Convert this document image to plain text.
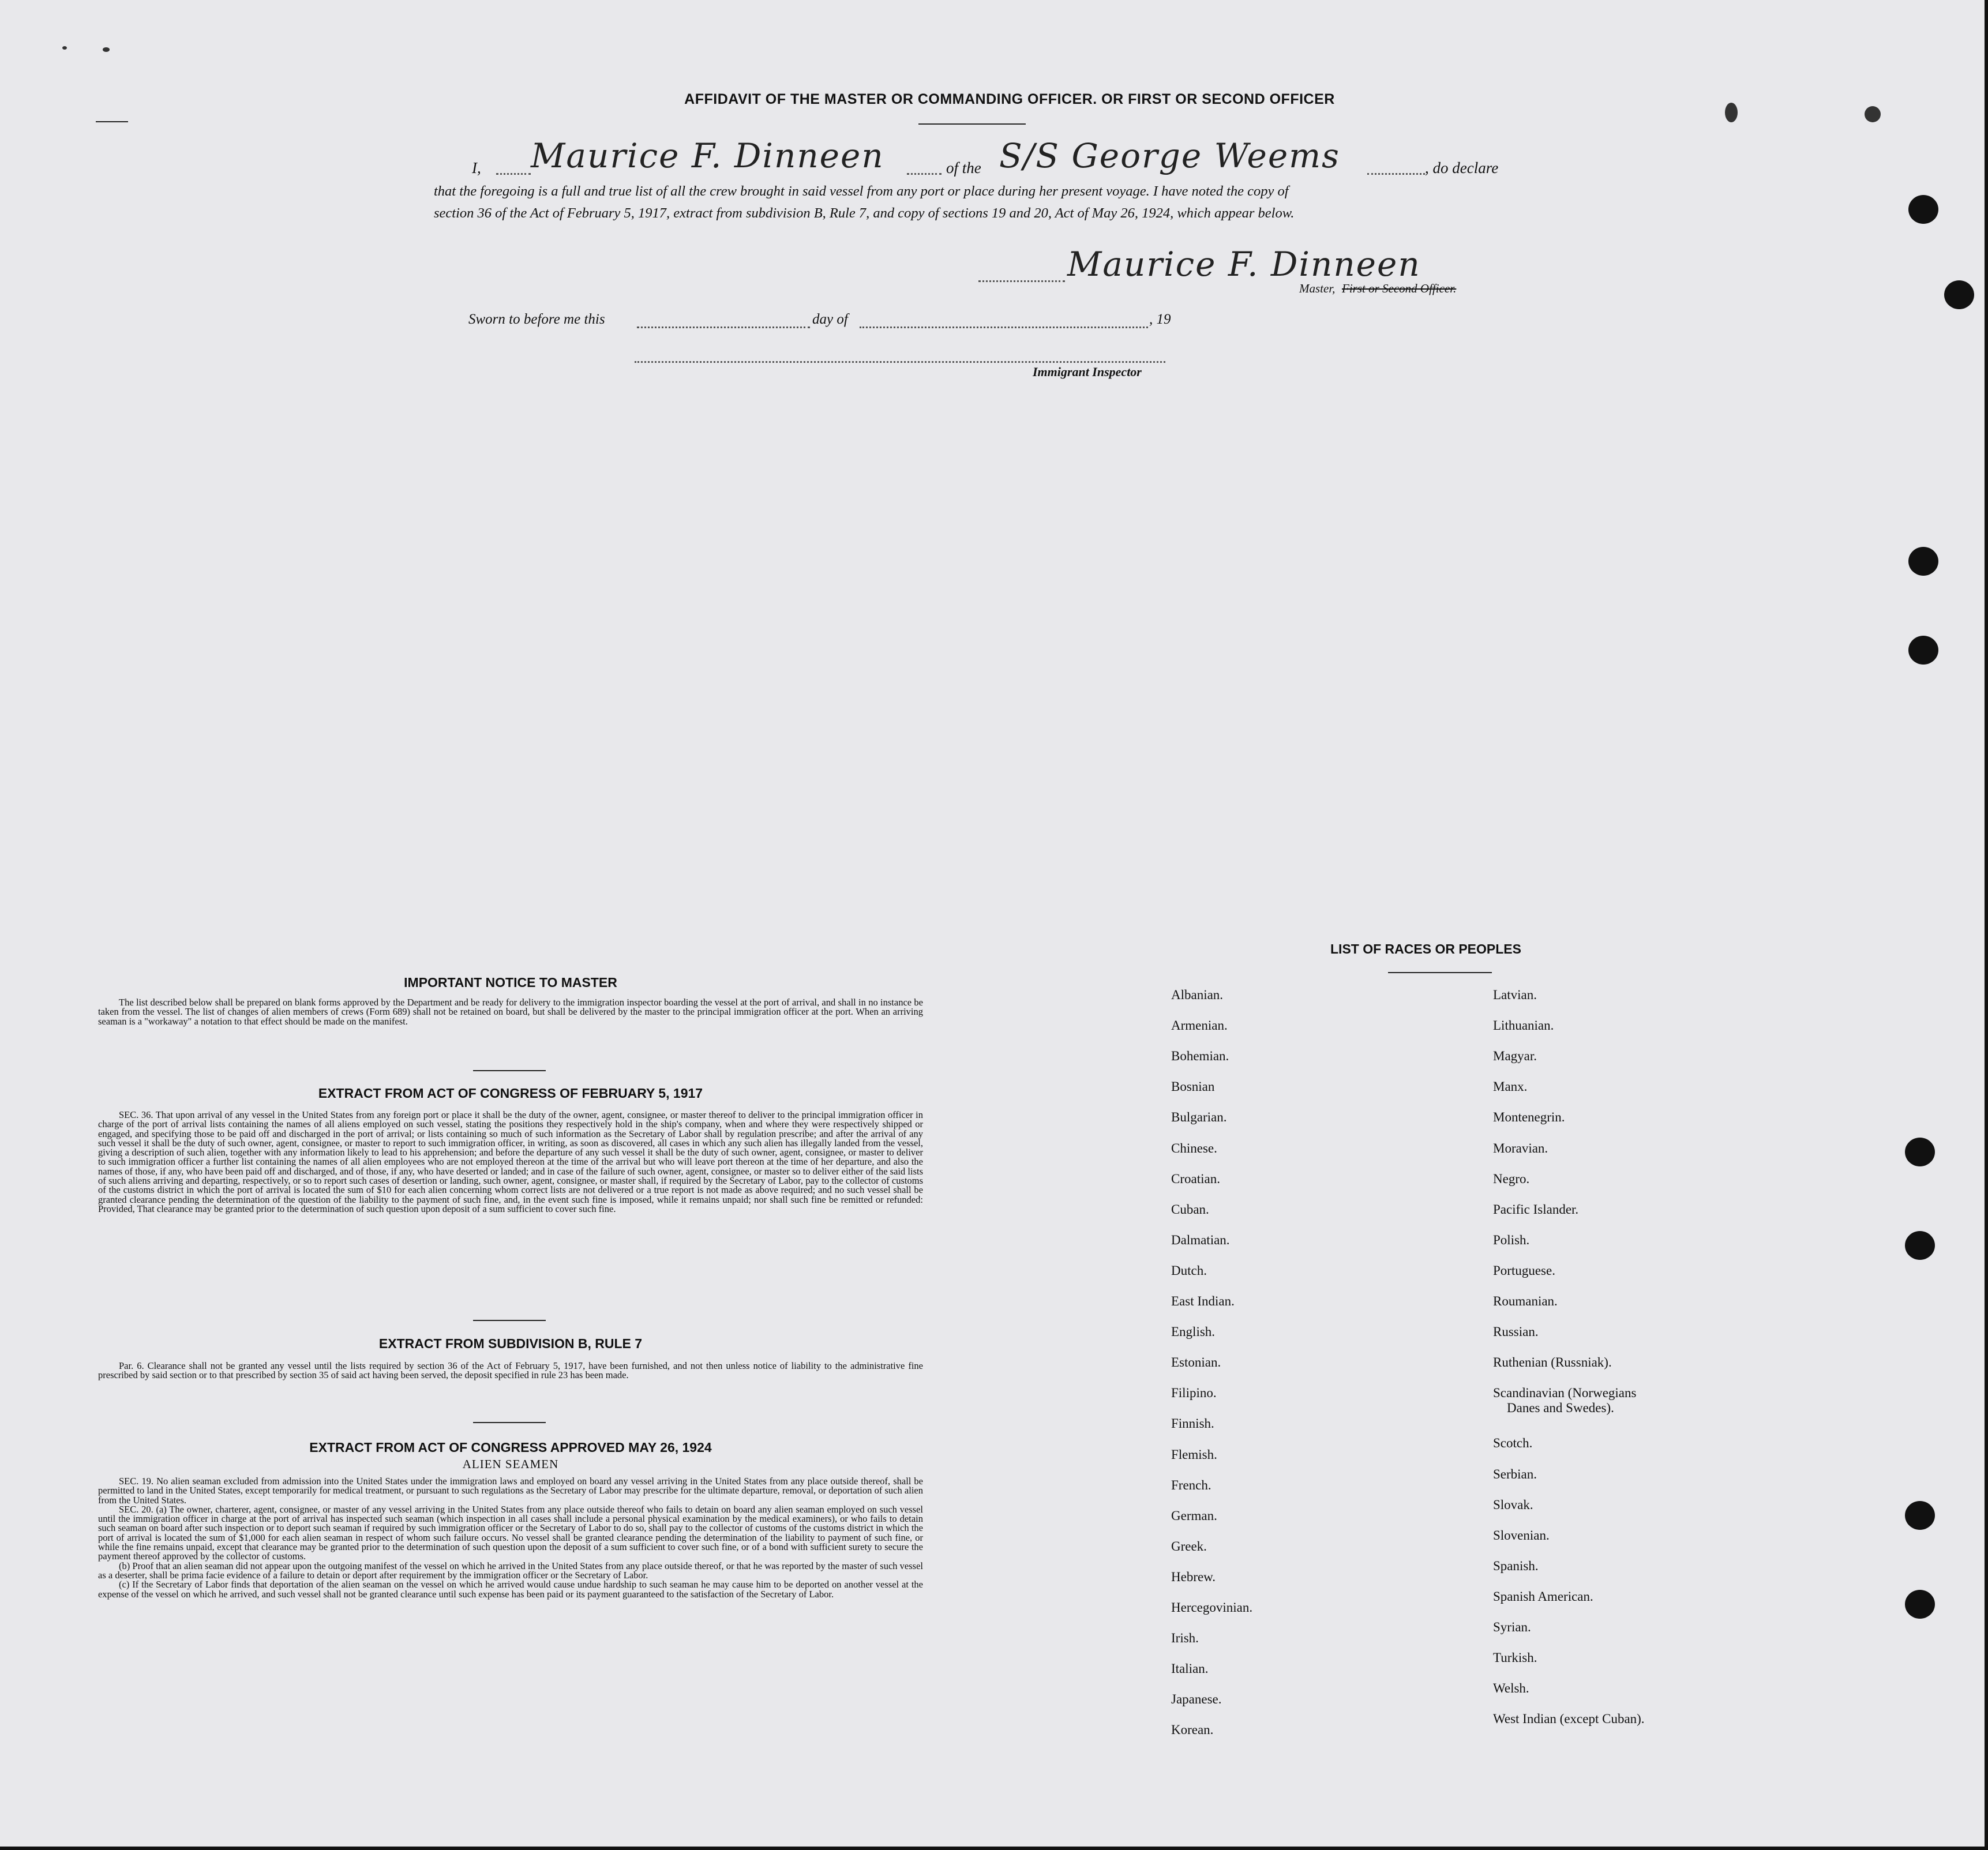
AFFIDAVIT OF THE MASTER OR COMMANDING OFFICER. OR FIRST OR SECOND OFFICER
I, Maurice F. Dinneen	of the S/S George Weems	, do declare
that the foregoing is a full and true list of all the crew brought in said vessel from any port or place during her present voyage. I have noted the copy of
section 36 of the Act of February 5, 1917, extract from subdivision B, Rule 7, and copy of sections 19 and 20, Act of May 26, 1924, which appear below.
Maurice F. Dinneen
Master, First or Second Officer.
Sworn to before me this	day of	, 19
Immigrant Inspector
IMPORTANT NOTICE TO MASTER

The list described below shall be prepared on blank forms approved by the Department and be ready for delivery to the immigration inspector boarding the vessel at the port of arrival, and shall in no instance be taken from the vessel. The list of changes of alien members of crews (Form 689) shall not be retained on board, but shall be delivered by the master to the principal immigration officer at the port. When an arriving seaman is a "workaway" a notation to that effect should be made on the manifest.

EXTRACT FROM ACT OF CONGRESS OF FEBRUARY 5, 1917

SEC. 36. That upon arrival of any vessel in the United States from any foreign port or place it shall be the duty of the owner, agent, consignee, or master thereof to deliver to the principal immigration officer in charge of the port of arrival lists containing the names of all aliens employed on such vessel, stating the positions they respectively hold in the ship's company, when and where they were respectively shipped or engaged, and specifying those to be paid off and discharged in the port of arrival; or lists containing so much of such information as the Secretary of Labor shall by regulation prescribe; and after the arrival of any such vessel it shall be the duty of such owner, agent, consignee, or master to report to such immigration officer, in writing, as soon as discovered, all cases in which any such alien has illegally landed from the vessel, giving a description of such alien, together with any information likely to lead to his apprehension; and before the departure of any such vessel it shall be the duty of such owner, agent, consignee, or master to deliver to such immigration officer a further list containing the names of all alien employees who are not employed thereon at the time of the arrival but who will leave port thereon at the time of her departure, and also the names of those, if any, who have been paid off and discharged, and of those, if any, who have deserted or landed; and in case of the failure of such owner, agent, consignee, or master so to deliver either of the said lists of such aliens arriving and departing, respectively, or so to report such cases of desertion or landing, such owner, agent, consignee, or master shall, if required by the Secretary of Labor, pay to the collector of customs of the customs district in which the port of arrival is located the sum of $10 for each alien concerning whom correct lists are not delivered or a true report is not made as above required; and no such vessel shall be granted clearance pending the determination of the question of the liability to the payment of such fine, and, in the event such fine is imposed, while it remains unpaid; nor shall such fine be remitted or refunded: Provided, That clearance may be granted prior to the determination of such question upon deposit of a sum sufficient to cover such fine.

EXTRACT FROM SUBDIVISION B, RULE 7

Par. 6. Clearance shall not be granted any vessel until the lists required by section 36 of the Act of February 5, 1917, have been furnished, and not then unless notice of liability to the administrative fine prescribed by said section or to that prescribed by section 35 of said act having been served, the deposit specified in rule 23 has been made.

EXTRACT FROM ACT OF CONGRESS APPROVED MAY 26, 1924
ALIEN SEAMEN

SEC. 19. No alien seaman excluded from admission into the United States under the immigration laws and employed on board any vessel arriving in the United States from any place outside thereof, shall be permitted to land in the United States, except temporarily for medical treatment, or pursuant to such regulations as the Secretary of Labor may prescribe for the ultimate departure, removal, or deportation of such alien from the United States.

SEC. 20. (a) The owner, charterer, agent, consignee, or master of any vessel arriving in the United States from any place outside thereof who fails to detain on board any alien seaman employed on such vessel until the immigration officer in charge at the port of arrival has inspected such seaman (which inspection in all cases shall include a personal physical examination by the medical examiners), or who fails to detain such seaman on board after such inspection or to deport such seaman if required by such immigration officer or the Secretary of Labor to do so, shall pay to the collector of customs of the customs district in which the port of arrival is located the sum of $1,000 for each alien seaman in respect of whom such failure occurs. No vessel shall be granted clearance pending the determination of the liability to payment of such fine, or while the fine remains unpaid, except that clearance may be granted prior to the determination of such question upon the deposit of a sum sufficient to cover such fine, or of a bond with sufficient surety to secure the payment thereof approved by the collector of customs.

(b) Proof that an alien seaman did not appear upon the outgoing manifest of the vessel on which he arrived in the United States from any place outside thereof, or that he was reported by the master of such vessel as a deserter, shall be prima facie evidence of a failure to detain or deport after requirement by the immigration officer or the Secretary of Labor.

(c) If the Secretary of Labor finds that deportation of the alien seaman on the vessel on which he arrived would cause undue hardship to such seaman he may cause him to be deported on another vessel at the expense of the vessel on which he arrived, and such vessel shall not be granted clearance until such expense has been paid or its payment guaranteed to the satisfaction of the Secretary of Labor.

LIST OF RACES OR PEOPLES
Albanian.
Armenian.
Bohemian.
Bosnian
Bulgarian.
Chinese.
Croatian.
Cuban.
Dalmatian.
Dutch.
East Indian.
English.
Estonian.
Filipino.
Finnish.
Flemish.
French.
German.
Greek.
Hebrew.
Hercegovinian.
Irish.
Italian.
Japanese.
Korean.
Latvian.
Lithuanian.
Magyar.
Manx.
Montenegrin.
Moravian.
Negro.
Pacific Islander.
Polish.
Portuguese.
Roumanian.
Russian.
Ruthenian (Russniak).
Scandinavian (Norwegians
Danes and Swedes).
Scotch.
Serbian.
Slovak.
Slovenian.
Spanish.
Spanish American.
Syrian.
Turkish.
Welsh.
West Indian (except Cuban).
